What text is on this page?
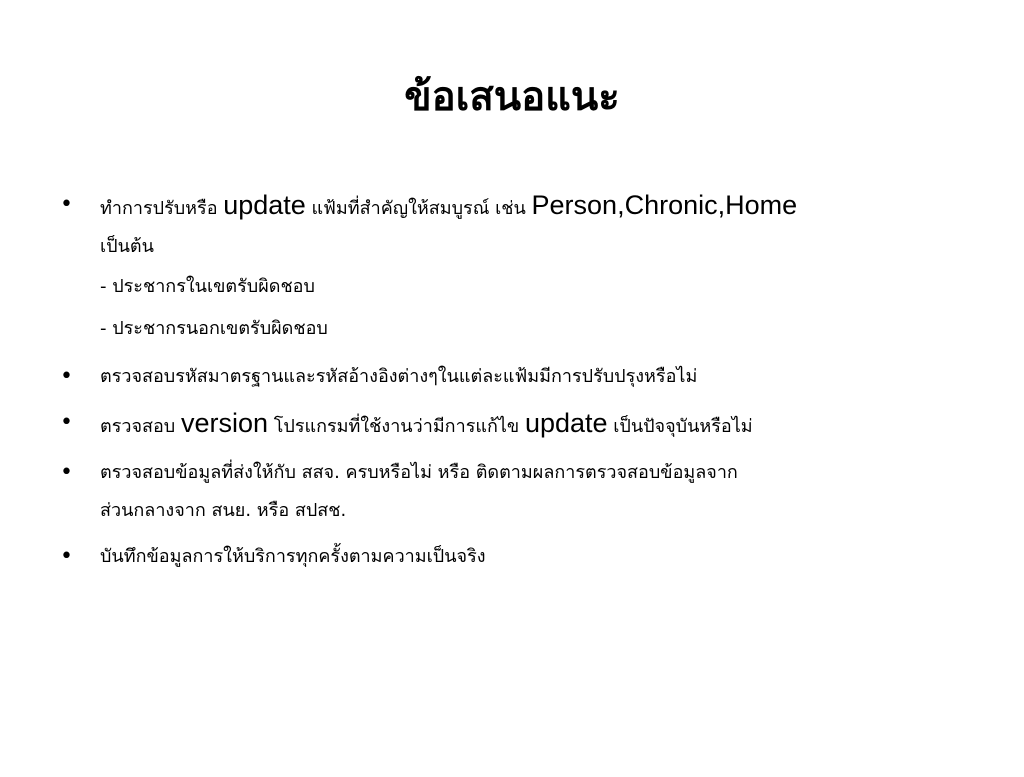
ข้อเสนอแนะ
• ทำการปรับหรือ update แฟ้มที่สำคัญให้สมบูรณ์ เช่น Person,Chronic,Home
เป็นต้น
- ประชากรในเขตรับผิดชอบ
- ประชากรนอกเขตรับผิดชอบ
• ตรวจสอบรหัสมาตรฐานและรหัสอ้างอิงต่างๆในแต่ละแฟ้มมีการปรับปรุงหรือไม่
• ตรวจสอบ version โปรแกรมที่ใช้งานว่ามีการแก้ไข update เป็นปัจจุบันหรือไม่
• ตรวจสอบข้อมูลที่ส่งให้กับ สสจ. ครบหรือไม่ หรือ ติดตามผลการตรวจสอบข้อมูลจาก
ส่วนกลางจาก สนย. หรือ สปสช.
• บันทึกข้อมูลการให้บริการทุกครั้งตามความเป็นจริง
